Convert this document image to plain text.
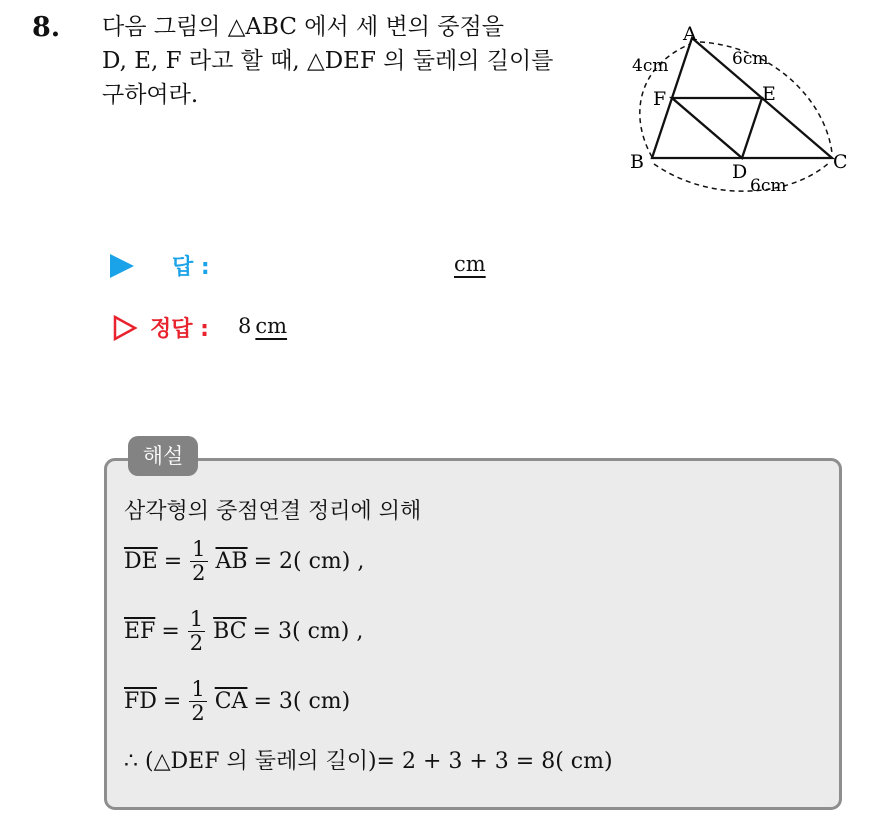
8. 다음 그림의 △ABC 에서 세 변의 중점을
D, E, F 라고 할 때, △DEF 의 둘레의 길이를
구하여라.
A
B	C
D
E
F
4cm	6cm
6cm
답 :	cm
정답 : 8 cm
해설
삼각형의 중점연결 정리에 의해
$\overline{DE} = \frac{1}{2} \overline{AB} = 2$( cm) ,
$\overline{EF} = \frac{1}{2} \overline{BC} = 3$( cm) ,
$\overline{FD} = \frac{1}{2} \overline{CA} = 3$( cm)
∴ (△DEF 의 둘레의 길이)= 2 + 3 + 3 = 8( cm)
